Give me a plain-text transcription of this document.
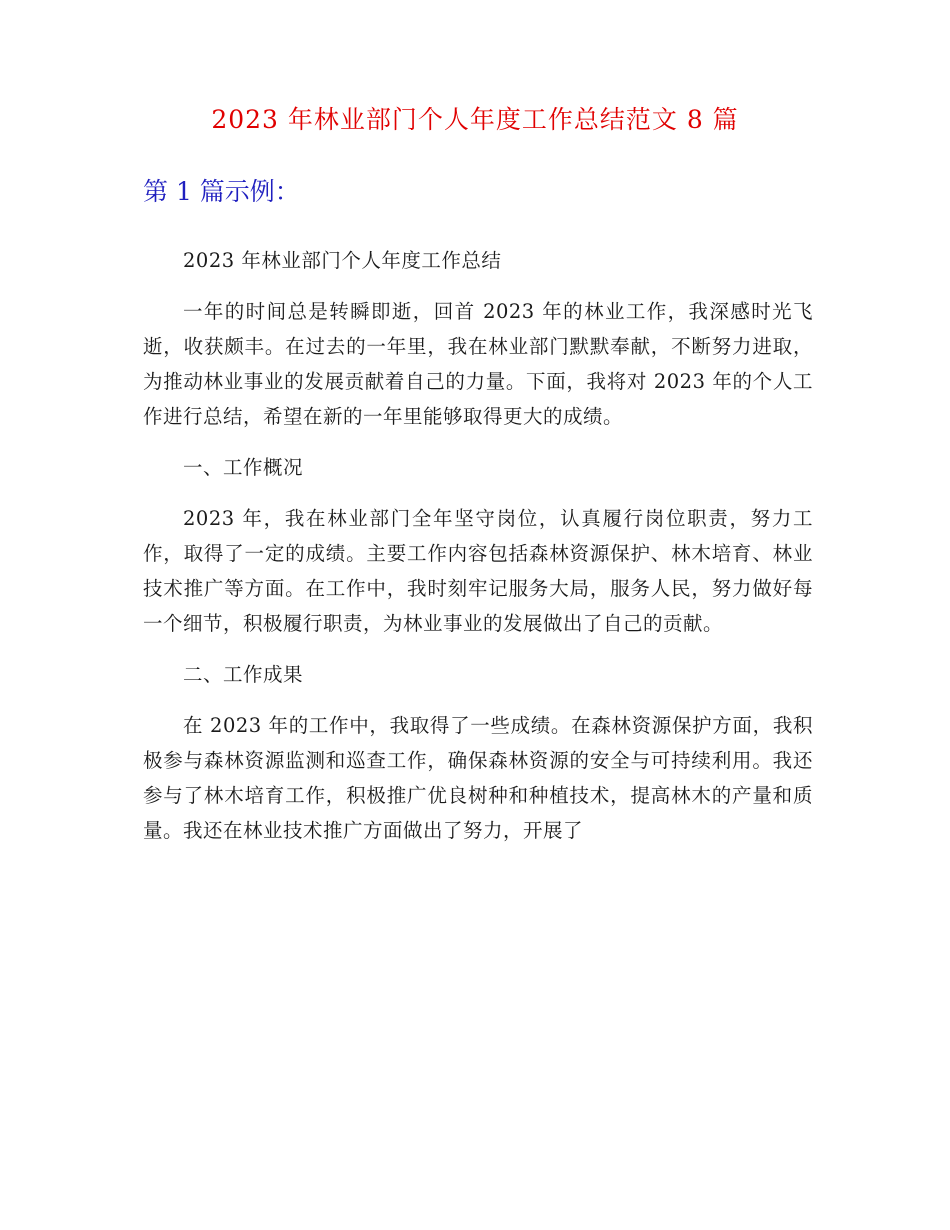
2023 年林业部门个人年度工作总结范文 8 篇
第 1 篇示例：

2023 年林业部门个人年度工作总结

一年的时间总是转瞬即逝，回首 2023 年的林业工作，我深感时光飞逝，收获颇丰。在过去的一年里，我在林业部门默默奉献，不断努力进取，为推动林业事业的发展贡献着自己的力量。下面，我将对 2023 年的个人工作进行总结，希望在新的一年里能够取得更大的成绩。

一、工作概况

2023 年，我在林业部门全年坚守岗位，认真履行岗位职责，努力工作，取得了一定的成绩。主要工作内容包括森林资源保护、林木培育、林业技术推广等方面。在工作中，我时刻牢记服务大局，服务人民，努力做好每一个细节，积极履行职责，为林业事业的发展做出了自己的贡献。

二、工作成果

在 2023 年的工作中，我取得了一些成绩。在森林资源保护方面，我积极参与森林资源监测和巡查工作，确保森林资源的安全与可持续利用。我还参与了林木培育工作，积极推广优良树种和种植技术，提高林木的产量和质量。我还在林业技术推广方面做出了努力，开展了
